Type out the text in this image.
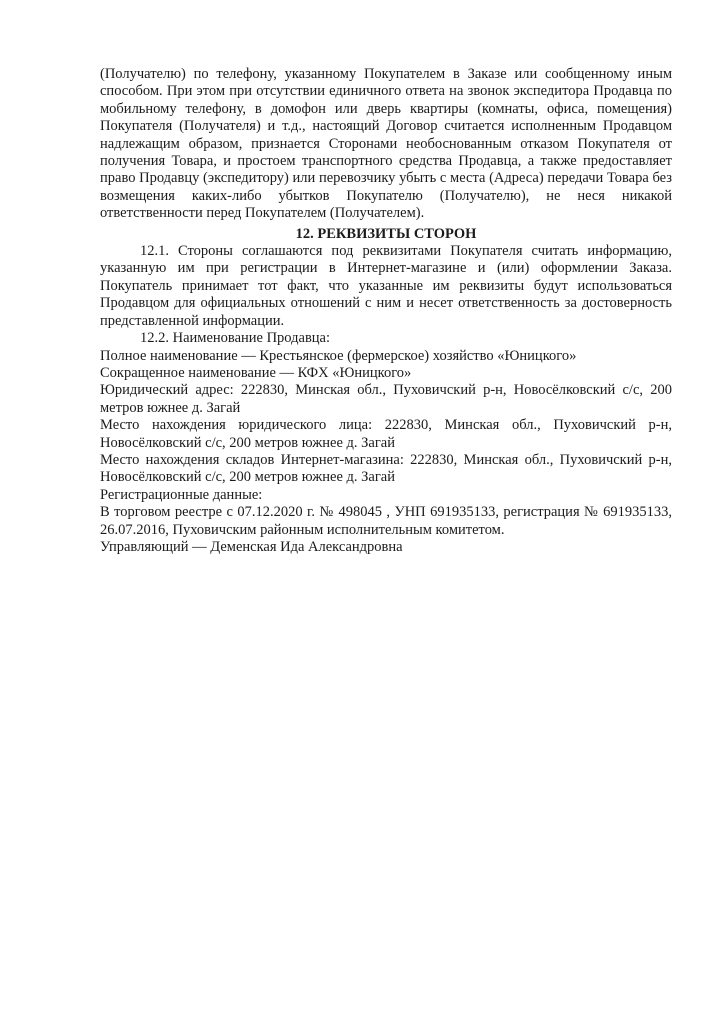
(Получателю) по телефону, указанному Покупателем в Заказе или сообщенному иным способом. При этом при отсутствии единичного ответа на звонок экспедитора Продавца по мобильному телефону, в домофон или дверь квартиры (комнаты, офиса, помещения) Покупателя (Получателя) и т.д., настоящий Договор считается исполненным Продавцом надлежащим образом, признается Сторонами необоснованным отказом Покупателя от получения Товара, и простоем транспортного средства Продавца, а также предоставляет право Продавцу (экспедитору) или перевозчику убыть с места (Адреса) передачи Товара без возмещения каких-либо убытков Покупателю (Получателю), не неся никакой ответственности перед Покупателем (Получателем).

12. РЕКВИЗИТЫ СТОРОН

12.1. Стороны соглашаются под реквизитами Покупателя считать информацию, указанную им при регистрации в Интернет-магазине и (или) оформлении Заказа. Покупатель принимает тот факт, что указанные им реквизиты будут использоваться Продавцом для официальных отношений с ним и несет ответственность за достоверность представленной информации.

12.2. Наименование Продавца:

Полное наименование — Крестьянское (фермерское) хозяйство «Юницкого»

Сокращенное наименование — КФХ «Юницкого»

Юридический адрес: 222830, Минская обл., Пуховичский р-н, Новосёлковский с/с, 200 метров южнее д. Загай

Место нахождения юридического лица: 222830, Минская обл., Пуховичский р-н, Новосёлковский с/с, 200 метров южнее д. Загай

Место нахождения складов Интернет-магазина: 222830, Минская обл., Пуховичский р-н, Новосёлковский с/с, 200 метров южнее д. Загай

Регистрационные данные:

В торговом реестре с 07.12.2020 г. № 498045 , УНП 691935133, регистрация № 691935133, 26.07.2016, Пуховичским районным исполнительным комитетом.

Управляющий — Деменская Ида Александровна
